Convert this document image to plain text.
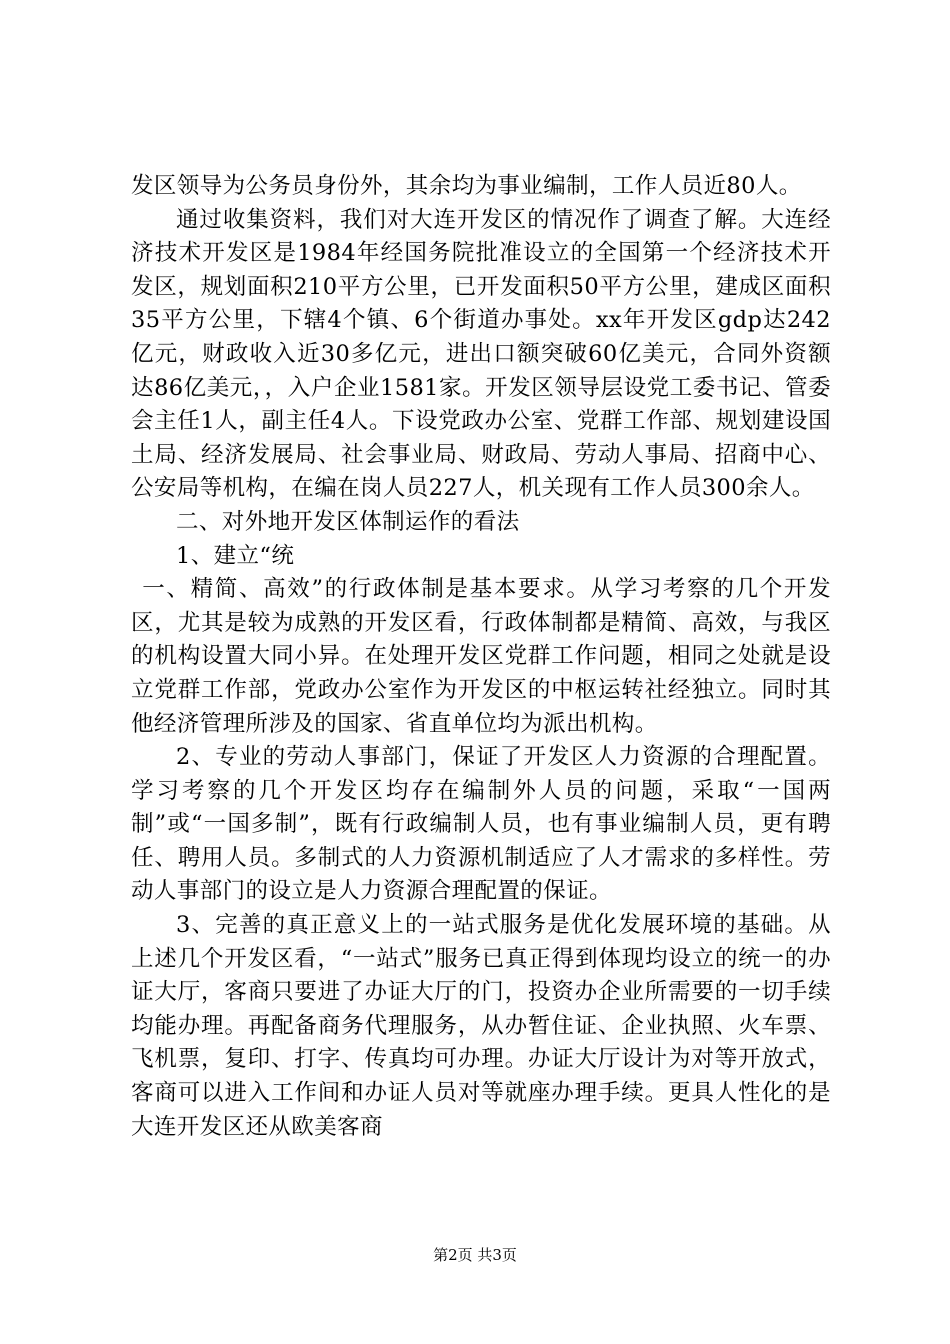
发区领导为公务员身份外，其余均为事业编制，工作人员近80人。

通过收集资料，我们对大连开发区的情况作了调查了解。大连经济技术开发区是1984年经国务院批准设立的全国第一个经济技术开发区，规划面积210平方公里，已开发面积50平方公里，建成区面积35平方公里，下辖4个镇、6个街道办事处。xx年开发区gdp达242亿元，财政收入近30多亿元，进出口额突破60亿美元，合同外资额达86亿美元，，入户企业1581家。开发区领导层设党工委书记、管委会主任1人，副主任4人。下设党政办公室、党群工作部、规划建设国土局、经济发展局、社会事业局、财政局、劳动人事局、招商中心、公安局等机构，在编在岗人员227人，机关现有工作人员300余人。

二、对外地开发区体制运作的看法

1、建立“统

一、精简、高效”的行政体制是基本要求。从学习考察的几个开发区，尤其是较为成熟的开发区看，行政体制都是精简、高效，与我区的机构设置大同小异。在处理开发区党群工作问题，相同之处就是设立党群工作部，党政办公室作为开发区的中枢运转社经独立。同时其他经济管理所涉及的国家、省直单位均为派出机构。

2、专业的劳动人事部门，保证了开发区人力资源的合理配置。学习考察的几个开发区均存在编制外人员的问题，采取“一国两制”或“一国多制”，既有行政编制人员，也有事业编制人员，更有聘任、聘用人员。多制式的人力资源机制适应了人才需求的多样性。劳动人事部门的设立是人力资源合理配置的保证。

3、完善的真正意义上的一站式服务是优化发展环境的基础。从上述几个开发区看，“一站式”服务已真正得到体现均设立的统一的办证大厅，客商只要进了办证大厅的门，投资办企业所需要的一切手续均能办理。再配备商务代理服务，从办暂住证、企业执照、火车票、飞机票，复印、打字、传真均可办理。办证大厅设计为对等开放式，客商可以进入工作间和办证人员对等就座办理手续。更具人性化的是大连开发区还从欧美客商

第2页 共3页
